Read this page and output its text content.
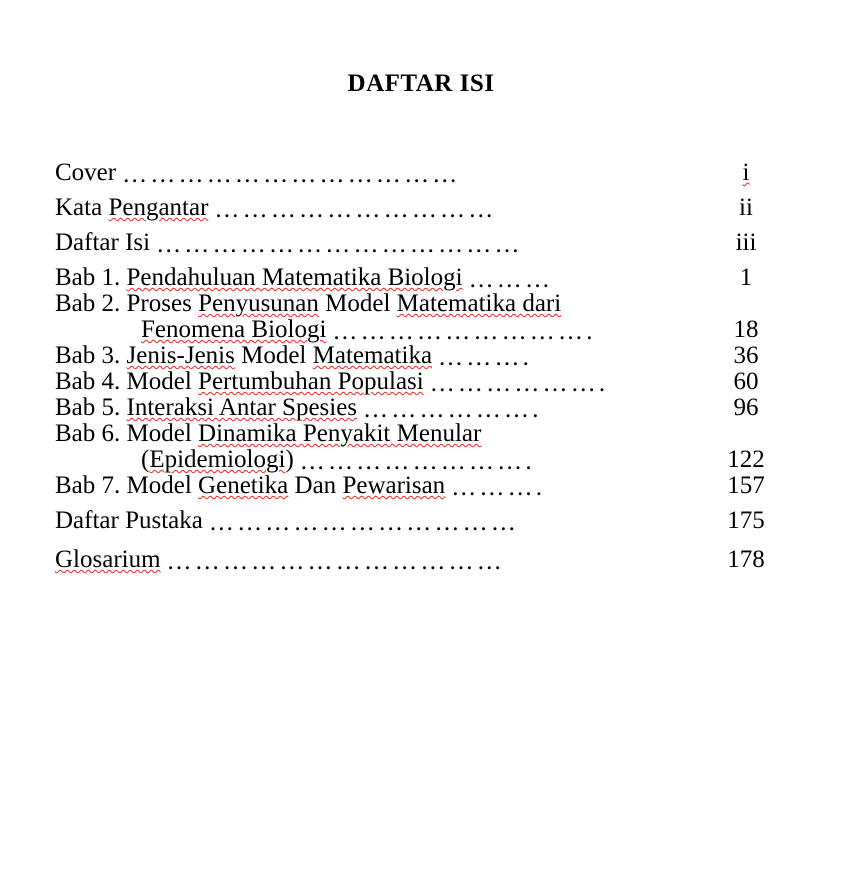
DAFTAR ISI
Cover ………………………………	i
Kata Pengantar …………………………	ii
Daftar Isi …………………………………	iii
Bab 1. Pendahuluan Matematika Biologi ………	1
Bab 2. Proses Penyusunan Model Matematika dari
Fenomena Biologi ……………………….	18
Bab 3. Jenis-Jenis Model Matematika ……….	36
Bab 4. Model Pertumbuhan Populasi ……………….	60
Bab 5. Interaksi Antar Spesies ……………….	96
Bab 6. Model Dinamika Penyakit Menular
(Epidemiologi) …………………….	122
Bab 7. Model Genetika Dan Pewarisan ……….	157
Daftar Pustaka ……………………………	175
Glosarium ………………………………	178
